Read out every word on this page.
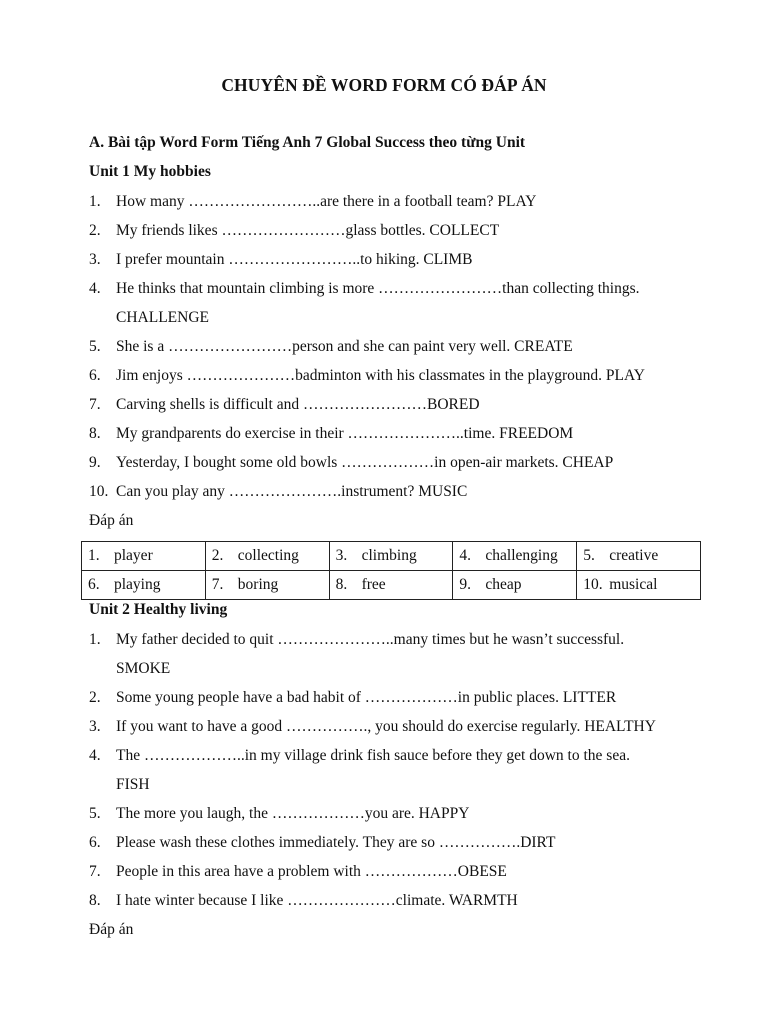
CHUYÊN ĐỀ WORD FORM CÓ ĐÁP ÁN
A. Bài tập Word Form Tiếng Anh 7 Global Success theo từng Unit
Unit 1 My hobbies
1. How many ……………………..are there in a football team? PLAY
2. My friends likes ……………………glass bottles. COLLECT
3. I prefer mountain ……………………..to hiking. CLIMB
4. He thinks that mountain climbing is more ……………………than collecting things.
CHALLENGE
5. She is a ……………………person and she can paint very well. CREATE
6. Jim enjoys …………………badminton with his classmates in the playground. PLAY
7. Carving shells is difficult and ……………………BORED
8. My grandparents do exercise in their …………………..time. FREEDOM
9. Yesterday, I bought some old bowls ………………in open-air markets. CHEAP
10. Can you play any ………………….instrument? MUSIC
Đáp án
1. player	2. collecting	3. climbing	4. challenging	5. creative
6. playing	7. boring	8. free	9. cheap	10. musical
Unit 2 Healthy living
1. My father decided to quit …………………..many times but he wasn’t successful.
SMOKE
2. Some young people have a bad habit of ………………in public places. LITTER
3. If you want to have a good ……………., you should do exercise regularly. HEALTHY
4. The ………………..in my village drink fish sauce before they get down to the sea.
FISH
5. The more you laugh, the ………………you are. HAPPY
6. Please wash these clothes immediately. They are so …………….DIRT
7. People in this area have a problem with ………………OBESE
8. I hate winter because I like …………………climate. WARMTH
Đáp án
